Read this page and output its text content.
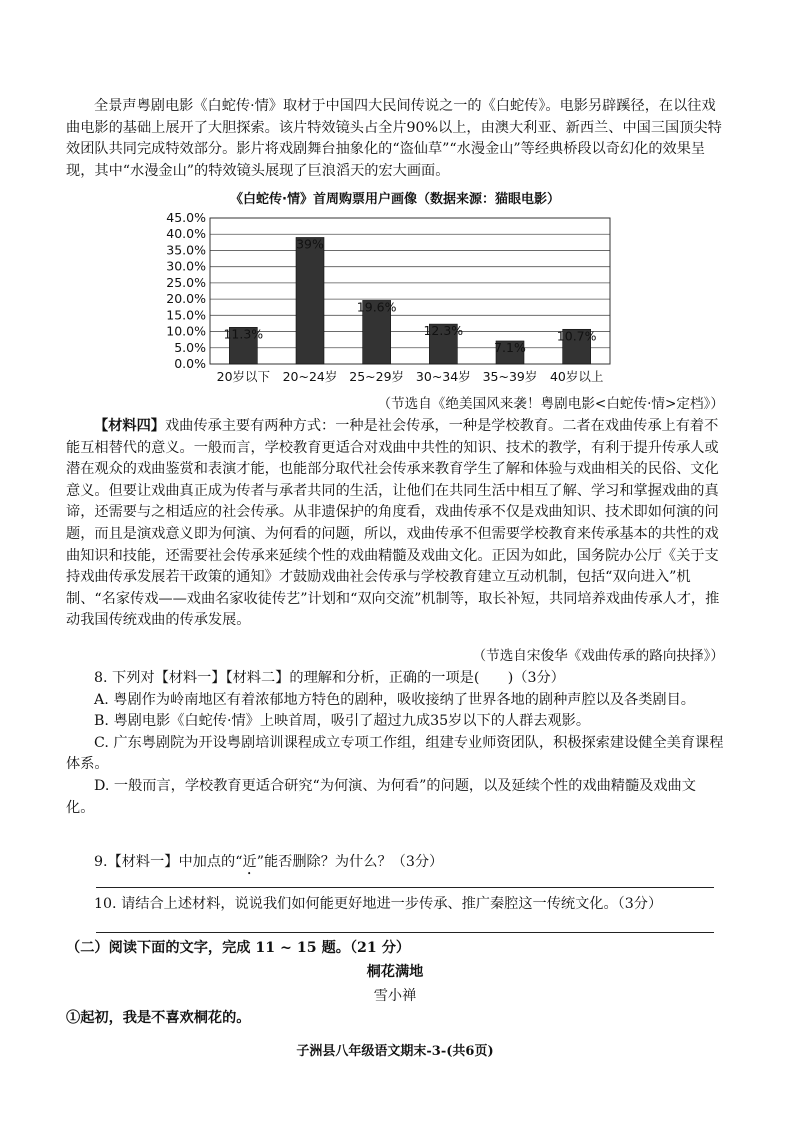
全景声粤剧电影《白蛇传·情》取材于中国四大民间传说之一的《白蛇传》。电影另辟蹊径，在以往戏曲电影的基础上展开了大胆探索。该片特效镜头占全片90%以上，由澳大利亚、新西兰、中国三国顶尖特效团队共同完成特效部分。影片将戏剧舞台抽象化的“盗仙草”“水漫金山”等经典桥段以奇幻化的效果呈现，其中“水漫金山”的特效镜头展现了巨浪滔天的宏大画面。

《白蛇传·情》首周购票用户画像（数据来源：猫眼电影）
0.0%
5.0%
10.0%
15.0%
20.0%
25.0%
30.0%
35.0%
40.0%
45.0%
11.3%
20岁以下
39%
20~24岁
19.6%
25~29岁
12.3%
30~34岁
7.1%
35~39岁
10.7%
40岁以上
（节选自《绝美国风来袭！粤剧电影<白蛇传·情>定档》）

【材料四】戏曲传承主要有两种方式：一种是社会传承，一种是学校教育。二者在戏曲传承上有着不能互相替代的意义。一般而言，学校教育更适合对戏曲中共性的知识、技术的教学，有利于提升传承人或潜在观众的戏曲鉴赏和表演才能，也能部分取代社会传承来教育学生了解和体验与戏曲相关的民俗、文化意义。但要让戏曲真正成为传者与承者共同的生活，让他们在共同生活中相互了解、学习和掌握戏曲的真谛，还需要与之相适应的社会传承。从非遗保护的角度看，戏曲传承不仅是戏曲知识、技术即如何演的问题，而且是演戏意义即为何演、为何看的问题，所以，戏曲传承不但需要学校教育来传承基本的共性的戏曲知识和技能，还需要社会传承来延续个性的戏曲精髓及戏曲文化。正因为如此，国务院办公厅《关于支持戏曲传承发展若干政策的通知》才鼓励戏曲社会传承与学校教育建立互动机制，包括“双向进入”机制、“名家传戏——戏曲名家收徒传艺”计划和“双向交流”机制等，取长补短，共同培养戏曲传承人才，推动我国传统戏曲的传承发展。

（节选自宋俊华《戏曲传承的路向抉择》）

8. 下列对【材料一】【材料二】的理解和分析，正确的一项是(　　)（3分）

A. 粤剧作为岭南地区有着浓郁地方特色的剧种，吸收接纳了世界各地的剧种声腔以及各类剧目。

B. 粤剧电影《白蛇传·情》上映首周，吸引了超过九成35岁以下的人群去观影。

C. 广东粤剧院为开设粤剧培训课程成立专项工作组，组建专业师资团队，积极探索建设健全美育课程体系。

D. 一般而言，学校教育更适合研究“为何演、为何看”的问题，以及延续个性的戏曲精髓及戏曲文化。

9.【材料一】中加点的“近”能否删除？为什么？（3分）

10. 请结合上述材料，说说我们如何能更好地进一步传承、推广秦腔这一传统文化。（3分）

（二）阅读下面的文字，完成 11 ~ 15 题。（21 分）
桐花满地
雪小禅
①起初，我是不喜欢桐花的。
子洲县八年级语文期末-3-(共6页)
